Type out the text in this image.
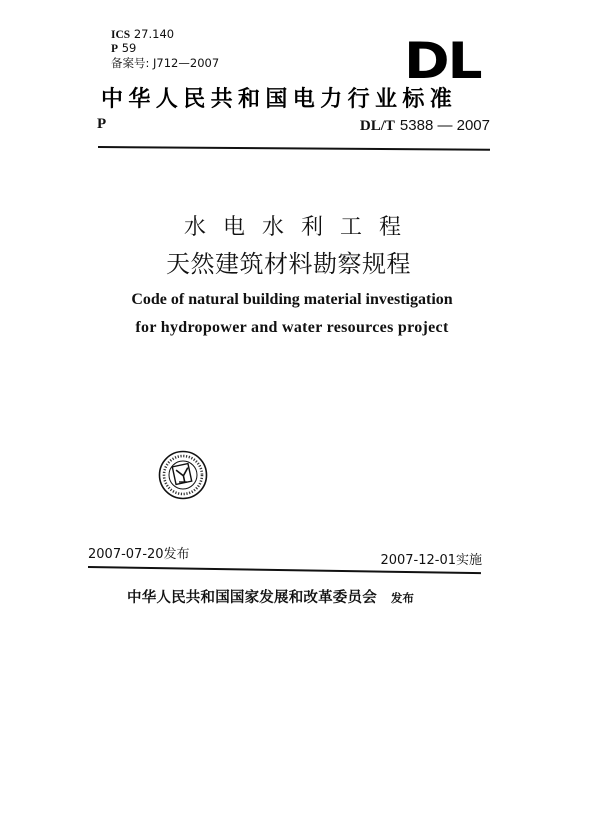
ICS 27.140
P 59
备案号: J712—2007	DL
中华人民共和国电力行业标准
P	DL/T 5388 — 2007
水电水利工程
天然建筑材料勘察规程
Code of natural building material investigation
for hydropower and water resources project
2007-07-20发布	2007-12-01实施
中华人民共和国国家发展和改革委员会 发布
